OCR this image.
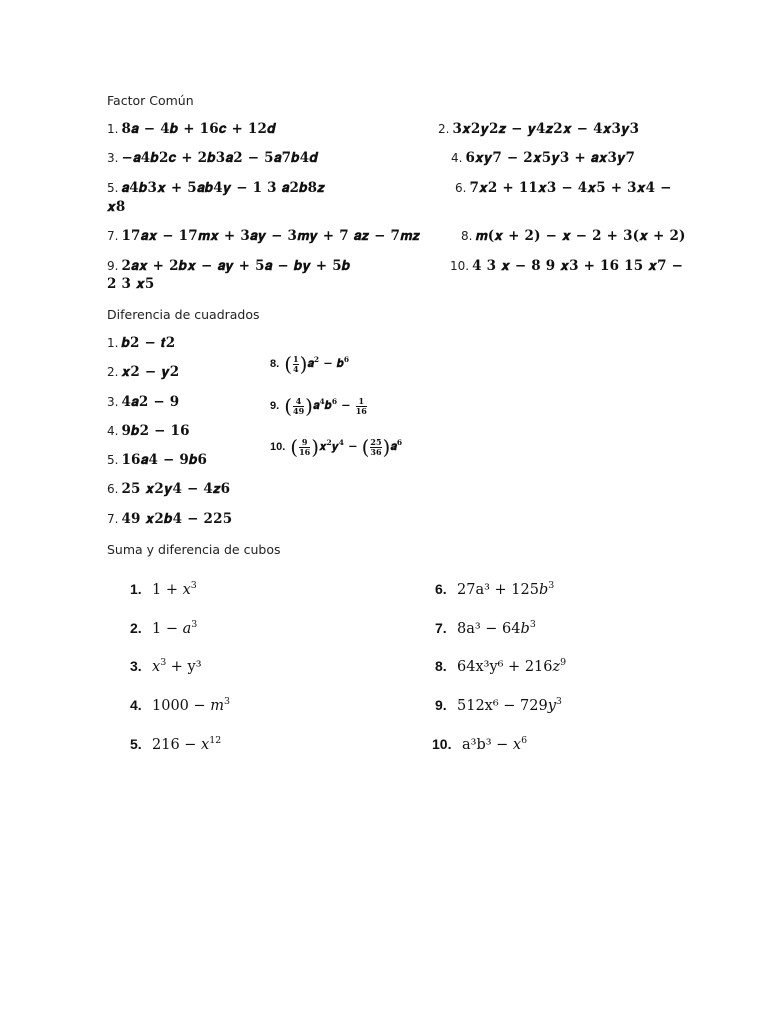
Factor Común
1. 8𝒂 − 4𝒃 + 16𝒄 + 12𝒅	2. 3𝒙2𝒚2𝒛 − 𝒚4𝒛2𝒙 − 4𝒙3𝒚3
3. −𝒂4𝒃2𝒄 + 2𝒃3𝒂2 − 5𝒂7𝒃4𝒅	4. 6𝒙𝒚7 − 2𝒙5𝒚3 + 𝒂𝒙3𝒚7
5. 𝒂4𝒃3𝒙 + 5𝒂𝒃4𝒚 − 1 3 𝒂2𝒃8𝒛
𝒙8
6. 7𝒙2 + 11𝒙3 − 4𝒙5 + 3𝒙4 −
7. 17𝒂𝒙 − 17𝒎𝒙 + 3𝒂𝒚 − 3𝒎𝒚 + 7 𝒂𝒛 − 7𝒎𝒛	8. 𝒎(𝒙 + 2) − 𝒙 − 2 + 3(𝒙 + 2)
9. 2𝒂𝒙 + 2𝒃𝒙 − 𝒂𝒚 + 5𝒂 − 𝒃𝒚 + 5𝒃
2 3 𝒙5
10. 4 3 𝒙 − 8 9 𝒙3 + 16 15 𝒙7 −
Diferencia de cuadrados
1. 𝒃2 − 𝒕2
2. 𝒙2 − 𝒚2
3. 4𝒂2 − 9
4. 9𝒃2 − 16
5. 16𝒂4 − 9𝒃6
6. 25 𝒙2𝒚4 − 4𝒛6
7. 49 𝒙2𝒃4 − 225
8. ( $\frac{1}{4}$ )𝒂$^2$ − 𝒃$^6$
9. ( $\frac{4}{49}$ )𝒂$^4$𝒃$^6$ − $\frac{1}{16}$
10. ( $\frac{9}{16}$ )𝒙$^2$𝒚$^4$ − ( $\frac{25}{36}$ )𝒂$^6$
Suma y diferencia de cubos
1. $1 + x^3$
2. $1 - a^3$
3. $x^3 + y^3$
4. $1000 - m^3$
5. $216 - x^{12}$
6. $27a^3 + 125b^3$
7. $8a^3 - 64b^3$
8. $64x^3y^6 + 216z^9$
9. $512x^6 - 729y^3$
10. $a^3b^3 - x^6$
